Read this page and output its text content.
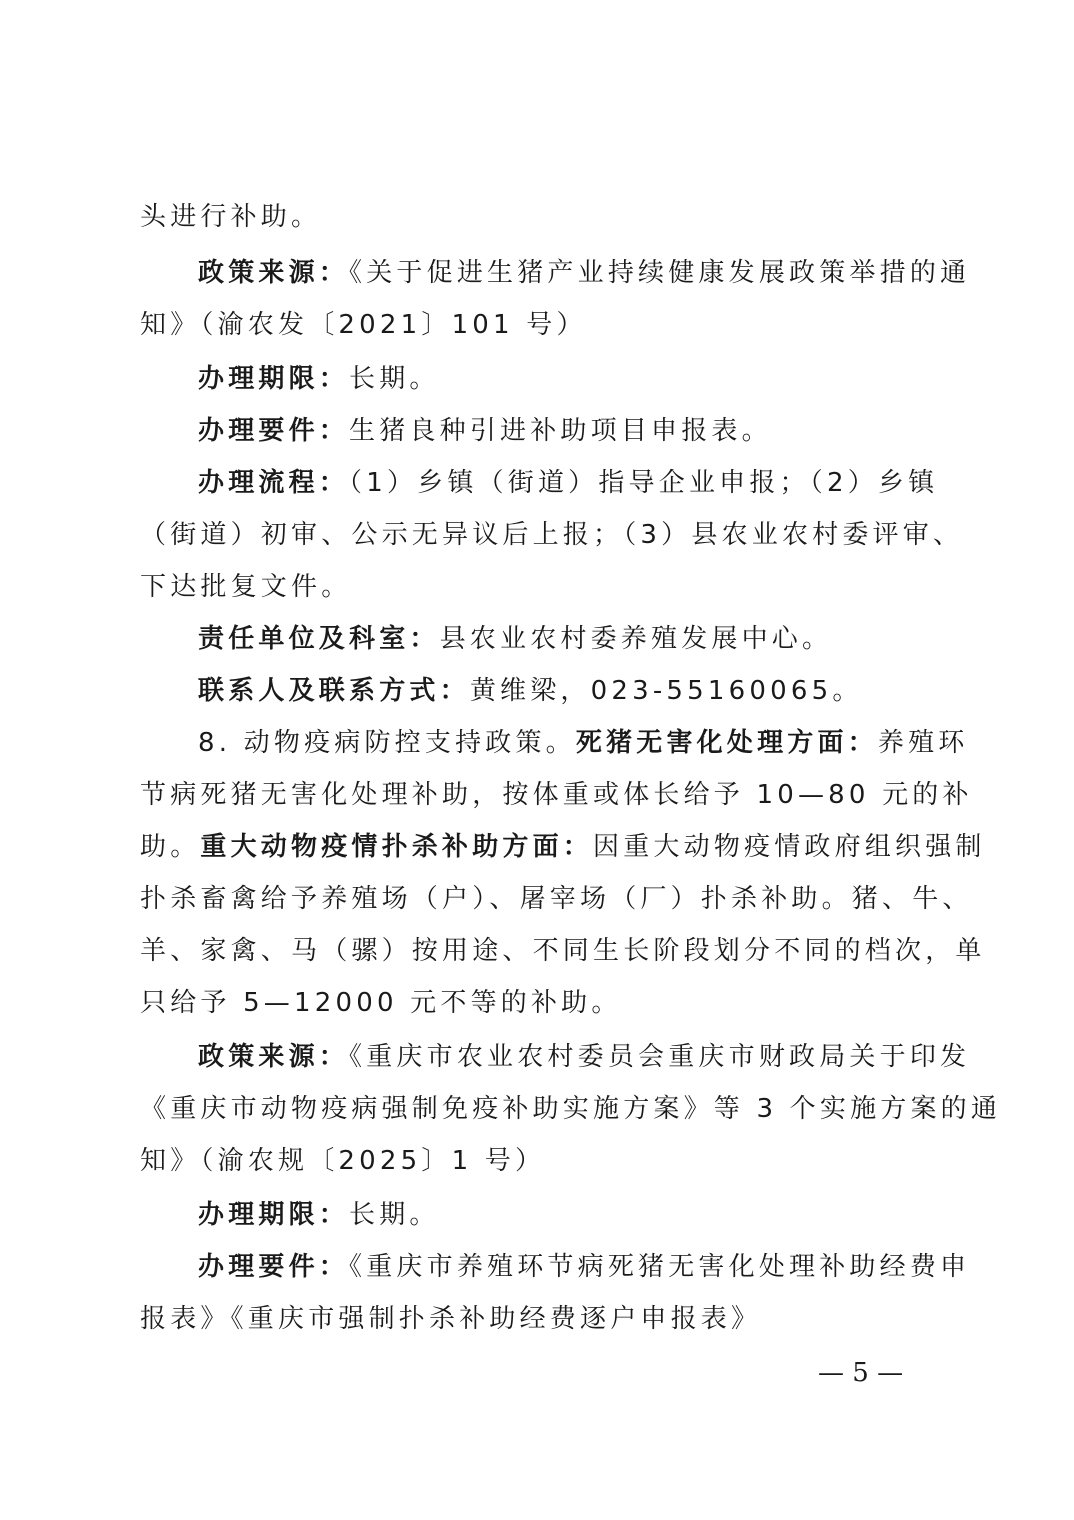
头进行补助。
政策来源：《关于促进生猪产业持续健康发展政策举措的通
知》（渝农发〔2021〕101 号）
办理期限：长期。
办理要件：生猪良种引进补助项目申报表。
办理流程：（1）乡镇（街道）指导企业申报；（2）乡镇
（街道）初审、公示无异议后上报；（3）县农业农村委评审、
下达批复文件。
责任单位及科室：县农业农村委养殖发展中心。
联系人及联系方式：黄维梁，023-55160065。
8. 动物疫病防控支持政策。死猪无害化处理方面：养殖环
节病死猪无害化处理补助，按体重或体长给予 10—80 元的补
助。重大动物疫情扑杀补助方面：因重大动物疫情政府组织强制
扑杀畜禽给予养殖场（户）、屠宰场（厂）扑杀补助。猪、牛、
羊、家禽、马（骡）按用途、不同生长阶段划分不同的档次，单
只给予 5—12000 元不等的补助。
政策来源：《重庆市农业农村委员会重庆市财政局关于印发
《重庆市动物疫病强制免疫补助实施方案》等 3 个实施方案的通
知》（渝农规〔2025〕1 号）
办理期限：长期。
办理要件：《重庆市养殖环节病死猪无害化处理补助经费申
报表》《重庆市强制扑杀补助经费逐户申报表》
— 5 —
